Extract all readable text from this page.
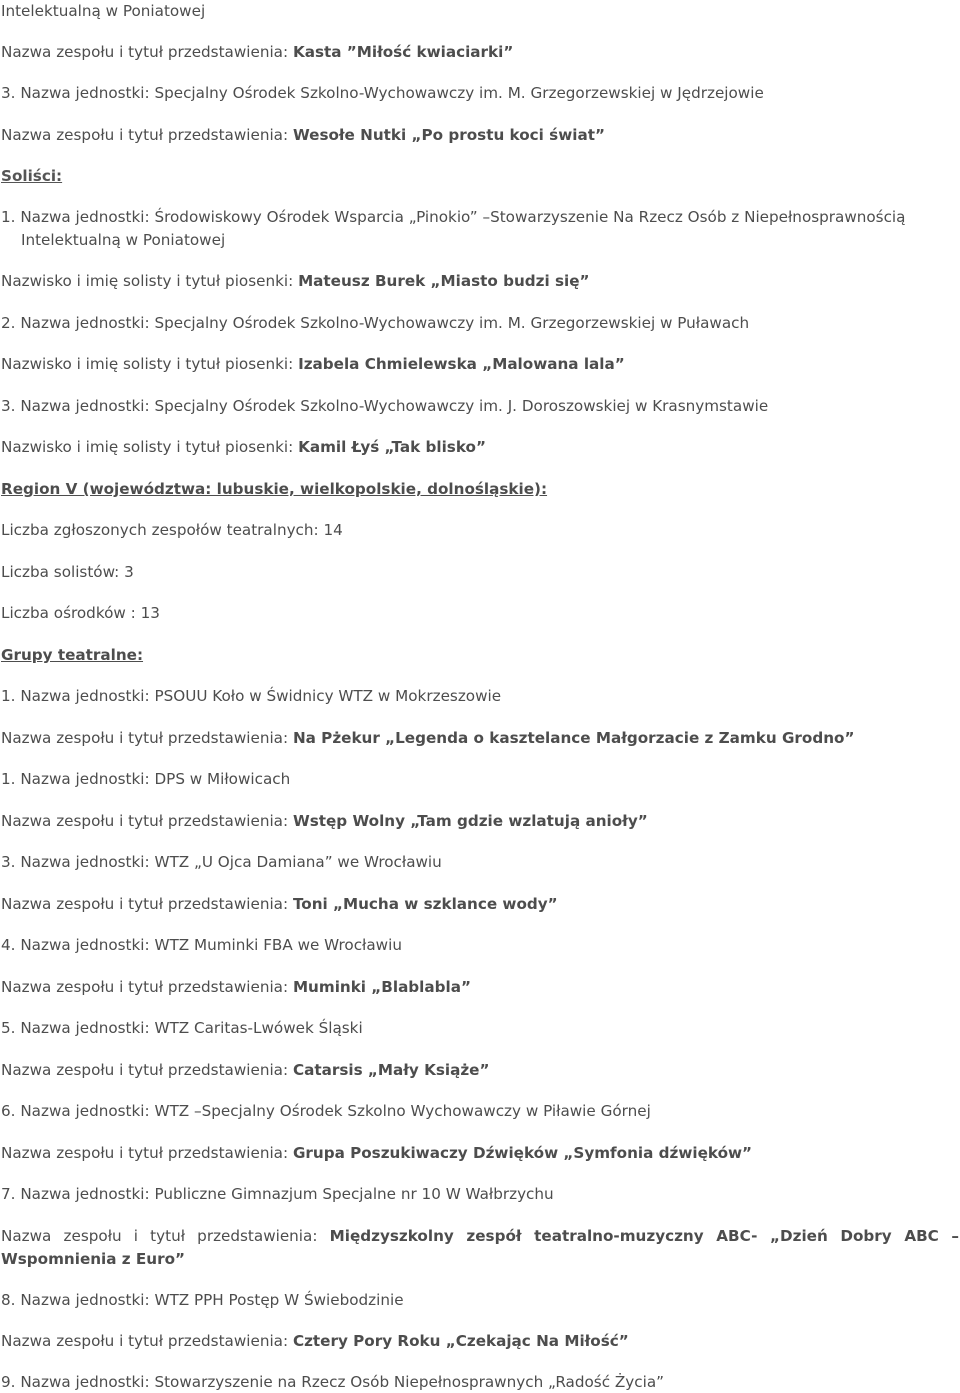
Intelektualną w Poniatowej
Nazwa zespołu i tytuł przedstawienia: Kasta ”Miłość kwiaciarki”
3. Nazwa jednostki: Specjalny Ośrodek Szkolno-Wychowawczy im. M. Grzegorzewskiej w Jędrzejowie
Nazwa zespołu i tytuł przedstawienia: Wesołe Nutki „Po prostu koci świat”
Soliści:
1. Nazwa jednostki: Środowiskowy Ośrodek Wsparcia „Pinokio” –Stowarzyszenie Na Rzecz Osób z Niepełnosprawnością
Intelektualną w Poniatowej
Nazwisko i imię solisty i tytuł piosenki: Mateusz Burek „Miasto budzi się”
2. Nazwa jednostki: Specjalny Ośrodek Szkolno-Wychowawczy im. M. Grzegorzewskiej w Puławach
Nazwisko i imię solisty i tytuł piosenki: Izabela Chmielewska „Malowana lala”
3. Nazwa jednostki: Specjalny Ośrodek Szkolno-Wychowawczy im. J. Doroszowskiej w Krasnymstawie
Nazwisko i imię solisty i tytuł piosenki: Kamil Łyś „Tak blisko”
Region V (województwa: lubuskie, wielkopolskie, dolnośląskie):
Liczba zgłoszonych zespołów teatralnych: 14
Liczba solistów: 3
Liczba ośrodków : 13
Grupy teatralne:
1. Nazwa jednostki: PSOUU Koło w Świdnicy WTZ w Mokrzeszowie
Nazwa zespołu i tytuł przedstawienia: Na Pżekur „Legenda o kasztelance Małgorzacie z Zamku Grodno”
1. Nazwa jednostki: DPS w Miłowicach
Nazwa zespołu i tytuł przedstawienia: Wstęp Wolny „Tam gdzie wzlatują anioły”
3. Nazwa jednostki: WTZ „U Ojca Damiana” we Wrocławiu
Nazwa zespołu i tytuł przedstawienia: Toni „Mucha w szklance wody”
4. Nazwa jednostki: WTZ Muminki FBA we Wrocławiu
Nazwa zespołu i tytuł przedstawienia: Muminki „Blablabla”
5. Nazwa jednostki: WTZ Caritas-Lwówek Śląski
Nazwa zespołu i tytuł przedstawienia: Catarsis „Mały Książe”
6. Nazwa jednostki: WTZ –Specjalny Ośrodek Szkolno Wychowawczy w Piławie Górnej
Nazwa zespołu i tytuł przedstawienia: Grupa Poszukiwaczy Dźwięków „Symfonia dźwięków”
7. Nazwa jednostki: Publiczne Gimnazjum Specjalne nr 10 W Wałbrzychu
Nazwa zespołu i tytuł przedstawienia: Międzyszkolny zespół teatralno-muzyczny ABC- „Dzień Dobry ABC –
Wspomnienia z Euro”
8. Nazwa jednostki: WTZ PPH Postęp W Świebodzinie
Nazwa zespołu i tytuł przedstawienia: Cztery Pory Roku „Czekając Na Miłość”
9. Nazwa jednostki: Stowarzyszenie na Rzecz Osób Niepełnosprawnych „Radość Życia”
